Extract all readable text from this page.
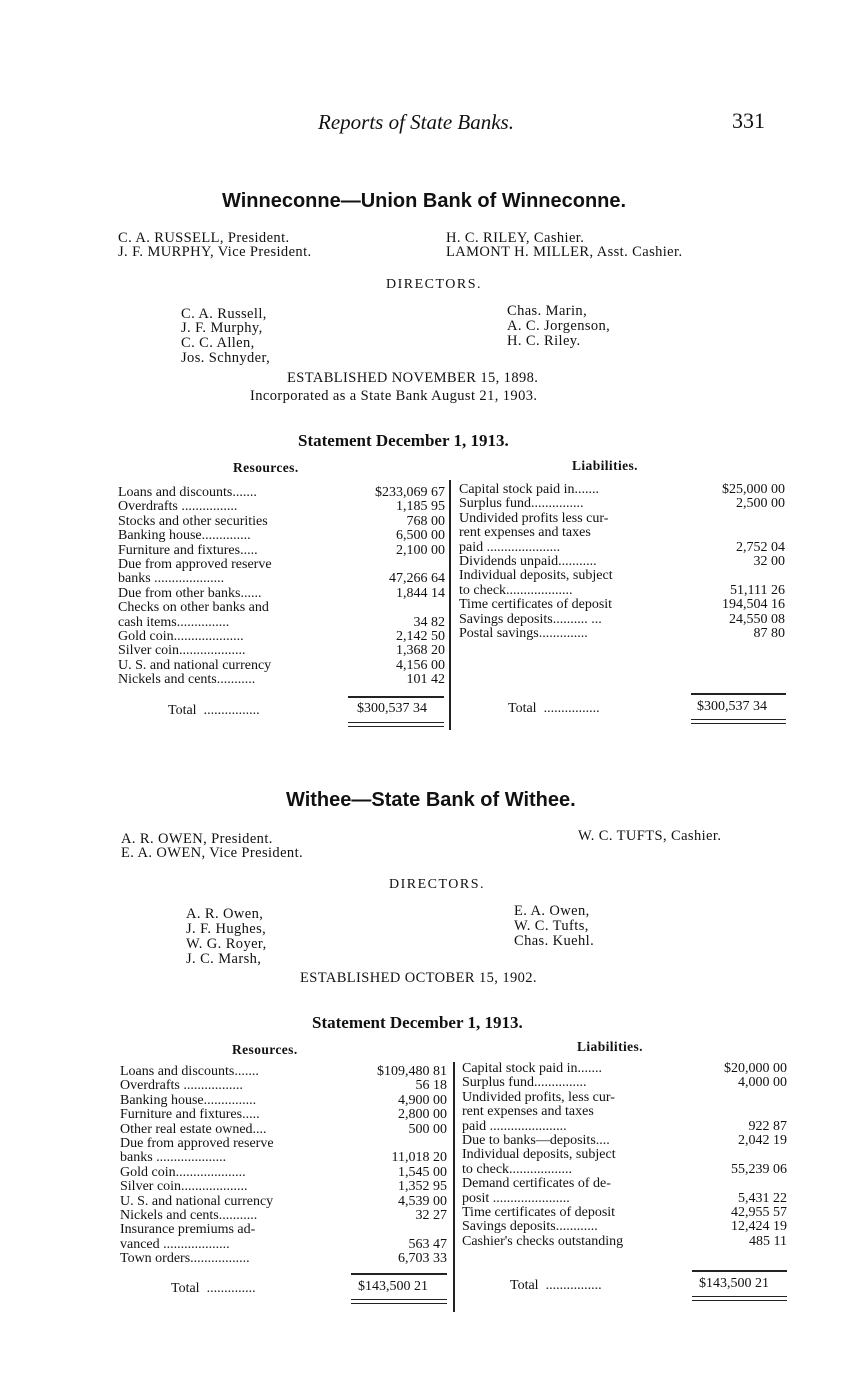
Reports of State Banks.	331
Winneconne—Union Bank of Winneconne.
C. A. RUSSELL, President.
J. F. MURPHY, Vice President.
H. C. RILEY, Cashier.
LAMONT H. MILLER, Asst. Cashier.
DIRECTORS.
C. A. Russell,
J. F. Murphy,
C. C. Allen,
Jos. Schnyder,
Chas. Marin,
A. C. Jorgenson,
H. C. Riley.
ESTABLISHED NOVEMBER 15, 1898.
Incorporated as a State Bank August 21, 1903.
Statement December 1, 1913.
Resources.	Liabilities.
Loans and discounts.......	$233,069 67
Overdrafts ................	1,185 95
Stocks and other securities	768 00
Banking house..............	6,500 00
Furniture and fixtures.....	2,100 00
Due from approved reserve
banks ....................	47,266 64
Due from other banks......	1,844 14
Checks on other banks and
cash items...............	34 82
Gold coin....................	2,142 50
Silver coin...................	1,368 20
U. S. and national currency	4,156 00
Nickels and cents...........	101 42
Capital stock paid in.......	$25,000 00
Surplus fund...............	2,500 00
Undivided profits less cur-
rent expenses and taxes
paid .....................	2,752 04
Dividends unpaid...........	32 00
Individual deposits, subject
to check...................	51,111 26
Time certificates of deposit	194,504 16
Savings deposits.......... ...	24,550 08
Postal savings..............	87 80
Total ................	$300,537 34	Total ................	$300,537 34
Withee—State Bank of Withee.
A. R. OWEN, President.
E. A. OWEN, Vice President.
W. C. TUFTS, Cashier.
DIRECTORS.
A. R. Owen,
J. F. Hughes,
W. G. Royer,
J. C. Marsh,
E. A. Owen,
W. C. Tufts,
Chas. Kuehl.
ESTABLISHED OCTOBER 15, 1902.
Statement December 1, 1913.
Resources.	Liabilities.
Loans and discounts.......	$109,480 81
Overdrafts .................	56 18
Banking house...............	4,900 00
Furniture and fixtures.....	2,800 00
Other real estate owned....	500 00
Due from approved reserve
banks ....................	11,018 20
Gold coin....................	1,545 00
Silver coin...................	1,352 95
U. S. and national currency	4,539 00
Nickels and cents...........	32 27
Insurance premiums ad-
vanced ...................	563 47
Town orders.................	6,703 33
Capital stock paid in.......	$20,000 00
Surplus fund...............	4,000 00
Undivided profits, less cur-
rent expenses and taxes
paid ......................	922 87
Due to banks—deposits....	2,042 19
Individual deposits, subject
to check..................	55,239 06
Demand certificates of de-
posit ......................	5,431 22
Time certificates of deposit	42,955 57
Savings deposits............	12,424 19
Cashier's checks outstanding	485 11
Total ..............	$143,500 21	Total ................	$143,500 21
